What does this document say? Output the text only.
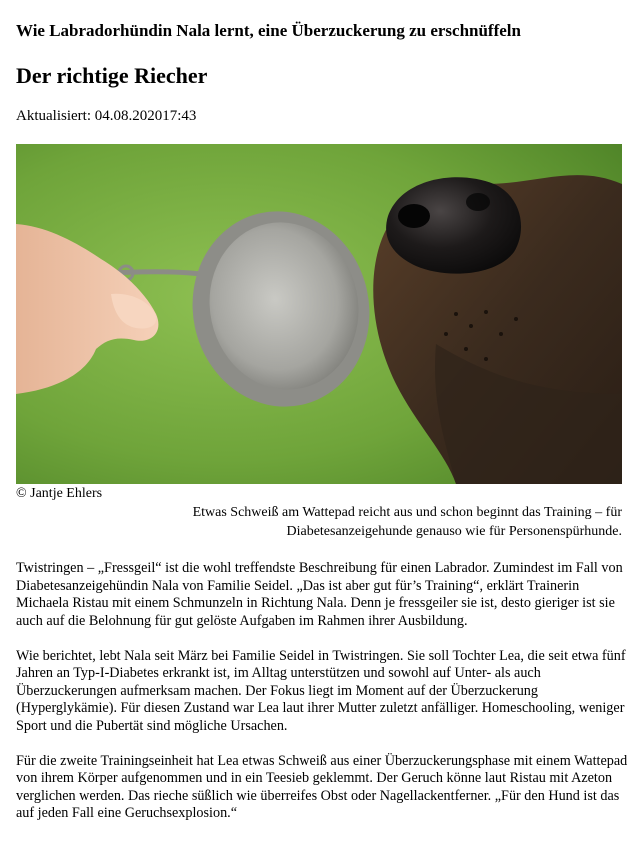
Wie Labradorhündin Nala lernt, eine Überzuckerung zu erschnüffeln
Der richtige Riecher
Aktualisiert: 04.08.202017:43
© Jantje Ehlers
Etwas Schweiß am Wattepad reicht aus und schon beginnt das Training – für Diabetesanzeigehunde genauso wie für Personenspürhunde.

Twistringen – „Fressgeil“ ist die wohl treffendste Beschreibung für einen Labrador. Zumindest im Fall von Diabetesanzeigehündin Nala von Familie Seidel. „Das ist aber gut für’s Training“, erklärt Trainerin Michaela Ristau mit einem Schmunzeln in Richtung Nala. Denn je fressgeiler sie ist, desto gieriger ist sie auch auf die Belohnung für gut gelöste Aufgaben im Rahmen ihrer Ausbildung.

Wie berichtet, lebt Nala seit März bei Familie Seidel in Twistringen. Sie soll Tochter Lea, die seit etwa fünf Jahren an Typ-I-Diabetes erkrankt ist, im Alltag unterstützen und sowohl auf Unter- als auch Überzuckerungen aufmerksam machen. Der Fokus liegt im Moment auf der Überzuckerung (Hyperglykämie). Für diesen Zustand war Lea laut ihrer Mutter zuletzt anfälliger. Homeschooling, weniger Sport und die Pubertät sind mögliche Ursachen.

Für die zweite Trainingseinheit hat Lea etwas Schweiß aus einer Überzuckerungsphase mit einem Wattepad von ihrem Körper aufgenommen und in ein Teesieb geklemmt. Der Geruch könne laut Ristau mit Azeton verglichen werden. Das rieche süßlich wie überreifes Obst oder Nagellackentferner. „Für den Hund ist das auf jeden Fall eine Geruchsexplosion.“
